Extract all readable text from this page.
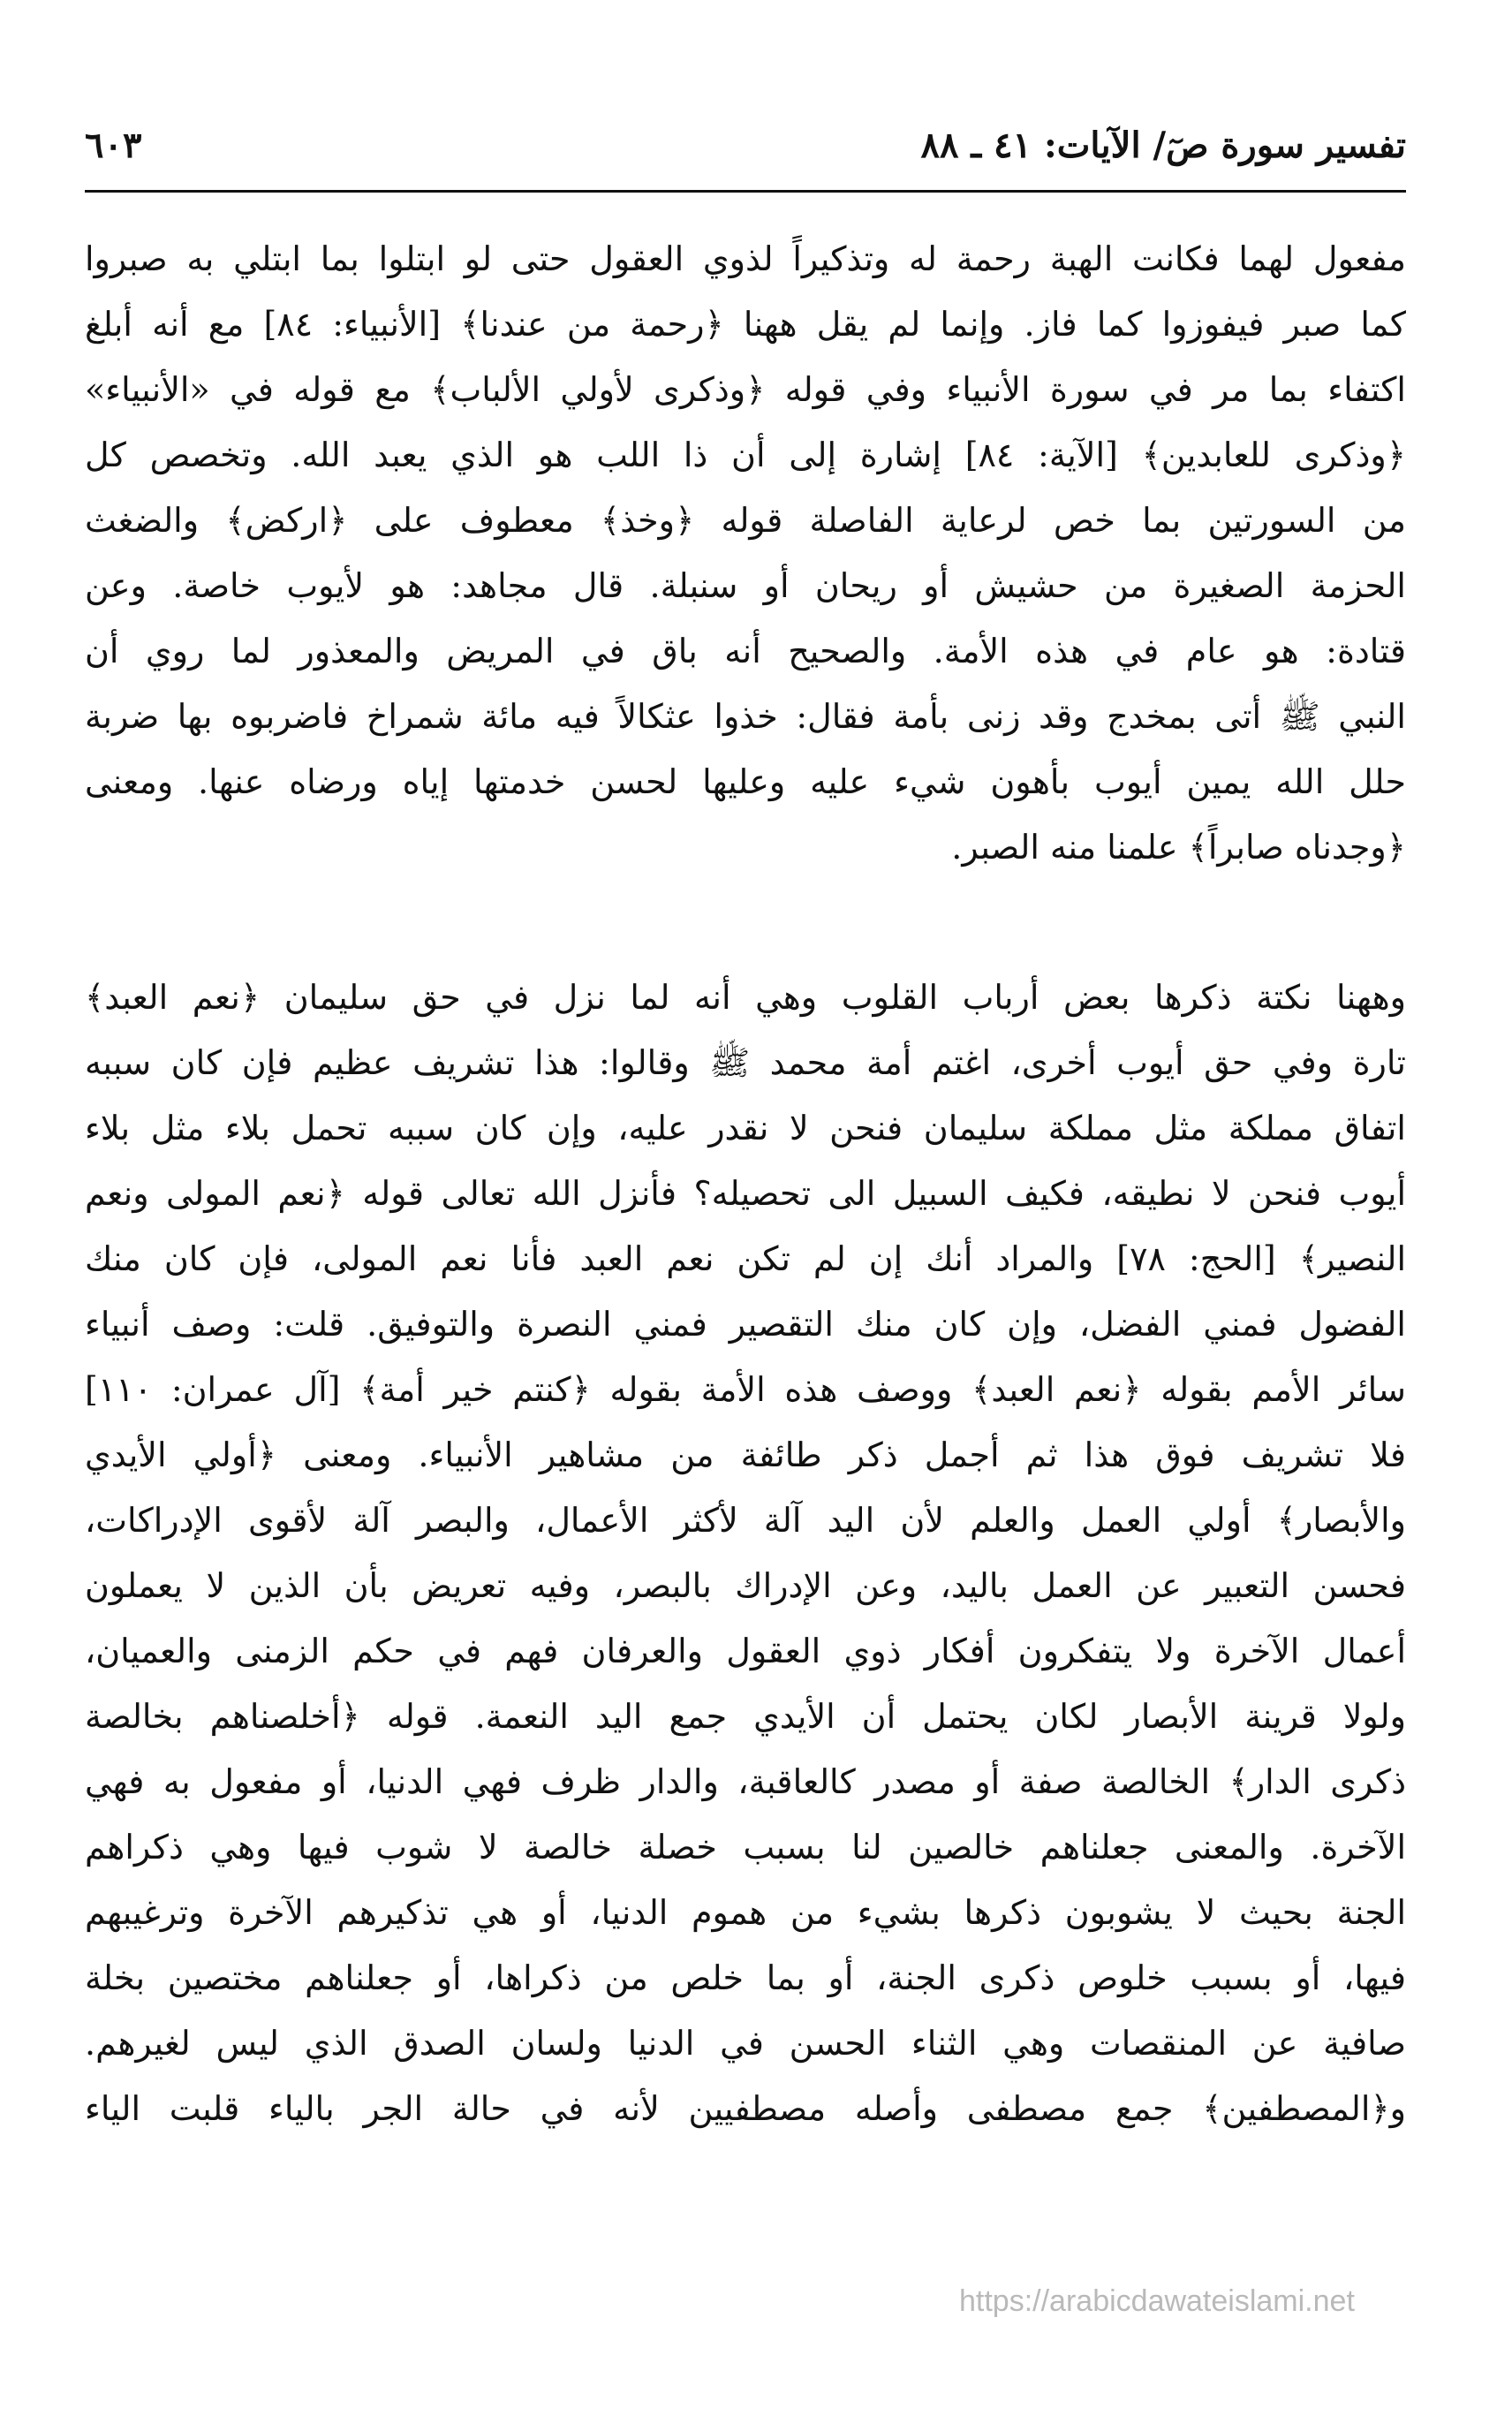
تفسير سورة صٓ/ الآيات: ٤١ ـ ٨٨
٦٠٣
مفعول لهما فكانت الهبة رحمة له وتذكيراً لذوي العقول حتى لو ابتلوا بما ابتلي به صبروا
كما صبر فيفوزوا كما فاز. وإنما لم يقل ههنا ﴿رحمة من عندنا﴾ [الأنبياء: ٨٤] مع أنه أبلغ
اكتفاء بما مر في سورة الأنبياء وفي قوله ﴿وذكرى لأولي الألباب﴾ مع قوله في «الأنبياء»
﴿وذكرى للعابدين﴾ [الآية: ٨٤] إشارة إلى أن ذا اللب هو الذي يعبد الله. وتخصص كل
من السورتين بما خص لرعاية الفاصلة قوله ﴿وخذ﴾ معطوف على ﴿اركض﴾ والضغث
الحزمة الصغيرة من حشيش أو ريحان أو سنبلة. قال مجاهد: هو لأيوب خاصة. وعن
قتادة: هو عام في هذه الأمة. والصحيح أنه باق في المريض والمعذور لما روي أن
النبي ﷺ أتى بمخدج وقد زنى بأمة فقال: خذوا عثكالاً فيه مائة شمراخ فاضربوه بها ضربة
حلل الله يمين أيوب بأهون شيء عليه وعليها لحسن خدمتها إياه ورضاه عنها. ومعنى
﴿وجدناه صابراً﴾ علمنا منه الصبر.
وههنا نكتة ذكرها بعض أرباب القلوب وهي أنه لما نزل في حق سليمان ﴿نعم العبد﴾
تارة وفي حق أيوب أخرى، اغتم أمة محمد ﷺ وقالوا: هذا تشريف عظيم فإن كان سببه
اتفاق مملكة مثل مملكة سليمان فنحن لا نقدر عليه، وإن كان سببه تحمل بلاء مثل بلاء
أيوب فنحن لا نطيقه، فكيف السبيل الى تحصيله؟ فأنزل الله تعالى قوله ﴿نعم المولى ونعم
النصير﴾ [الحج: ٧٨] والمراد أنك إن لم تكن نعم العبد فأنا نعم المولى، فإن كان منك
الفضول فمني الفضل، وإن كان منك التقصير فمني النصرة والتوفيق. قلت: وصف أنبياء
سائر الأمم بقوله ﴿نعم العبد﴾ ووصف هذه الأمة بقوله ﴿كنتم خير أمة﴾ [آل عمران: ١١٠]
فلا تشريف فوق هذا ثم أجمل ذكر طائفة من مشاهير الأنبياء. ومعنى ﴿أولي الأيدي
والأبصار﴾ أولي العمل والعلم لأن اليد آلة لأكثر الأعمال، والبصر آلة لأقوى الإدراكات،
فحسن التعبير عن العمل باليد، وعن الإدراك بالبصر، وفيه تعريض بأن الذين لا يعملون
أعمال الآخرة ولا يتفكرون أفكار ذوي العقول والعرفان فهم في حكم الزمنى والعميان،
ولولا قرينة الأبصار لكان يحتمل أن الأيدي جمع اليد النعمة. قوله ﴿أخلصناهم بخالصة
ذكرى الدار﴾ الخالصة صفة أو مصدر كالعاقبة، والدار ظرف فهي الدنيا، أو مفعول به فهي
الآخرة. والمعنى جعلناهم خالصين لنا بسبب خصلة خالصة لا شوب فيها وهي ذكراهم
الجنة بحيث لا يشوبون ذكرها بشيء من هموم الدنيا، أو هي تذكيرهم الآخرة وترغيبهم
فيها، أو بسبب خلوص ذكرى الجنة، أو بما خلص من ذكراها، أو جعلناهم مختصين بخلة
صافية عن المنقصات وهي الثناء الحسن في الدنيا ولسان الصدق الذي ليس لغيرهم.
و﴿المصطفين﴾ جمع مصطفى وأصله مصطفيين لأنه في حالة الجر بالياء قلبت الياء
https://arabicdawateislami.net
